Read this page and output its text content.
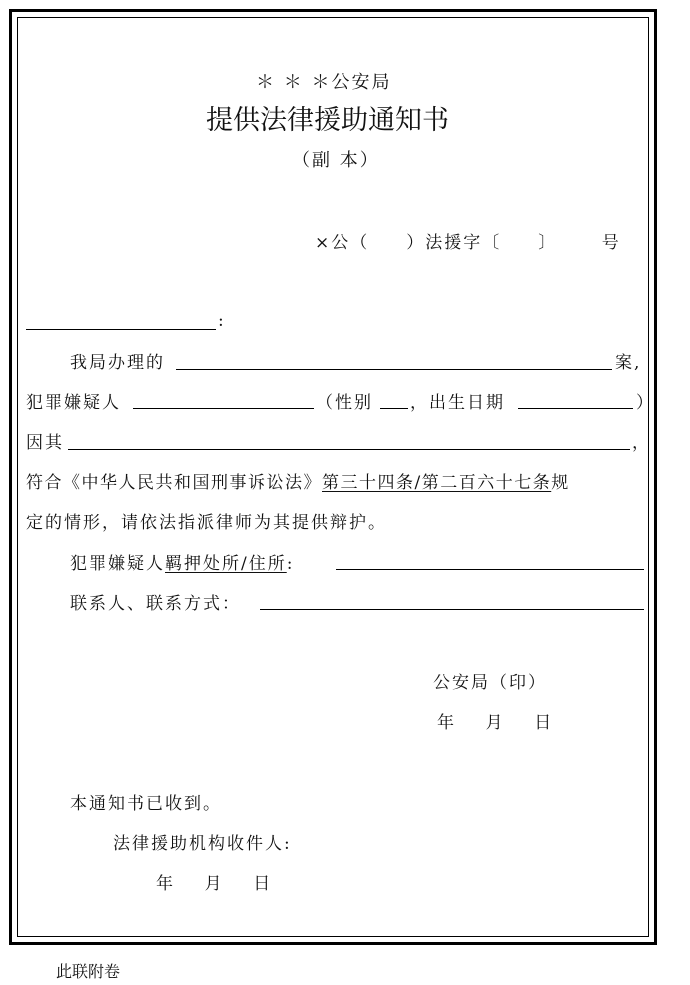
＊ ＊ ＊公安局
提供法律援助通知书
（副 本）
×公（     ）法援字〔     〕      号
:
我局办理的	案,
犯罪嫌疑人	（性别 ，出生日期	）
因其	，
符合《中华人民共和国刑事诉讼法》第三十四条/第二百六十七条规
定的情形，请依法指派律师为其提供辩护。
犯罪嫌疑人羁押处所/住所:
联系人、联系方式：
公安局（印）
年    月    日
本通知书已收到。
法律援助机构收件人:
年    月    日
此联附卷
